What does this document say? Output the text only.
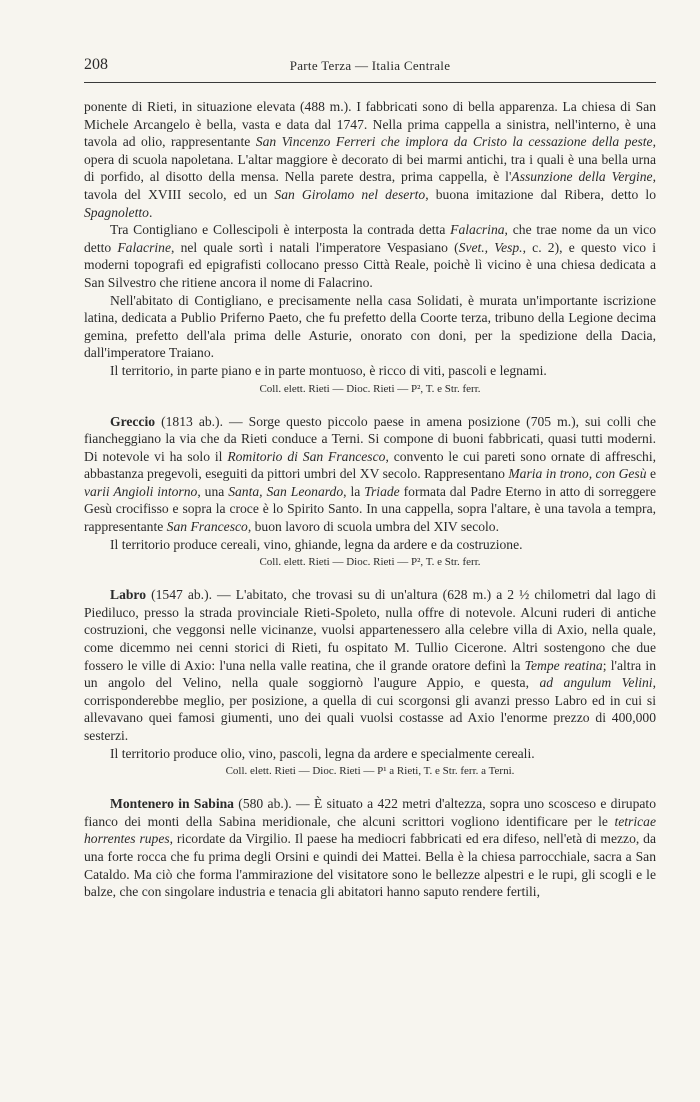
208	Parte Terza — Italia Centrale

ponente di Rieti, in situazione elevata (488 m.). I fabbricati sono di bella apparenza. La chiesa di San Michele Arcangelo è bella, vasta e data dal 1747. Nella prima cappella a sinistra, nell'interno, è una tavola ad olio, rappresentante San Vincenzo Ferreri che implora da Cristo la cessazione della peste, opera di scuola napoletana. L'altar maggiore è decorato di bei marmi antichi, tra i quali è una bella urna di porfido, al disotto della mensa. Nella parete destra, prima cappella, è l'Assunzione della Vergine, tavola del XVIII secolo, ed un San Girolamo nel deserto, buona imitazione dal Ribera, detto lo Spagnoletto.

Tra Contigliano e Collescipoli è interposta la contrada detta Falacrina, che trae nome da un vico detto Falacrine, nel quale sortì i natali l'imperatore Vespasiano (Svet., Vesp., c. 2), e questo vico i moderni topografi ed epigrafisti collocano presso Città Reale, poichè lì vicino è una chiesa dedicata a San Silvestro che ritiene ancora il nome di Falacrino.

Nell'abitato di Contigliano, e precisamente nella casa Solidati, è murata un'importante iscrizione latina, dedicata a Publio Priferno Paeto, che fu prefetto della Coorte terza, tribuno della Legione decima gemina, prefetto dell'ala prima delle Asturie, onorato con doni, per la spedizione della Dacia, dall'imperatore Traiano.

Il territorio, in parte piano e in parte montuoso, è ricco di viti, pascoli e legnami.

Coll. elett. Rieti — Dioc. Rieti — P², T. e Str. ferr.

Greccio (1813 ab.). — Sorge questo piccolo paese in amena posizione (705 m.), sui colli che fiancheggiano la via che da Rieti conduce a Terni. Si compone di buoni fabbricati, quasi tutti moderni. Di notevole vi ha solo il Romitorio di San Francesco, convento le cui pareti sono ornate di affreschi, abbastanza pregevoli, eseguiti da pittori umbri del XV secolo. Rappresentano Maria in trono, con Gesù e varii Angioli intorno, una Santa, San Leonardo, la Triade formata dal Padre Eterno in atto di sorreggere Gesù crocifisso e sopra la croce è lo Spirito Santo. In una cappella, sopra l'altare, è una tavola a tempra, rappresentante San Francesco, buon lavoro di scuola umbra del XIV secolo.

Il territorio produce cereali, vino, ghiande, legna da ardere e da costruzione.

Coll. elett. Rieti — Dioc. Rieti — P², T. e Str. ferr.

Labro (1547 ab.). — L'abitato, che trovasi su di un'altura (628 m.) a 2 ½ chilometri dal lago di Piediluco, presso la strada provinciale Rieti-Spoleto, nulla offre di notevole. Alcuni ruderi di antiche costruzioni, che veggonsi nelle vicinanze, vuolsi appartenessero alla celebre villa di Axio, nella quale, come dicemmo nei cenni storici di Rieti, fu ospitato M. Tullio Cicerone. Altri sostengono che due fossero le ville di Axio: l'una nella valle reatina, che il grande oratore definì la Tempe reatina; l'altra in un angolo del Velino, nella quale soggiornò l'augure Appio, e questa, ad angulum Velini, corrisponderebbe meglio, per posizione, a quella di cui scorgonsi gli avanzi presso Labro ed in cui si allevavano quei famosi giumenti, uno dei quali vuolsi costasse ad Axio l'enorme prezzo di 400,000 sesterzi.

Il territorio produce olio, vino, pascoli, legna da ardere e specialmente cereali.

Coll. elett. Rieti — Dioc. Rieti — P¹ a Rieti, T. e Str. ferr. a Terni.

Montenero in Sabina (580 ab.). — È situato a 422 metri d'altezza, sopra uno scosceso e dirupato fianco dei monti della Sabina meridionale, che alcuni scrittori vogliono identificare per le tetricae horrentes rupes, ricordate da Virgilio. Il paese ha mediocri fabbricati ed era difeso, nell'età di mezzo, da una forte rocca che fu prima degli Orsini e quindi dei Mattei. Bella è la chiesa parrocchiale, sacra a San Cataldo. Ma ciò che forma l'ammirazione del visitatore sono le bellezze alpestri e le rupi, gli scogli e le balze, che con singolare industria e tenacia gli abitatori hanno saputo rendere fertili,
